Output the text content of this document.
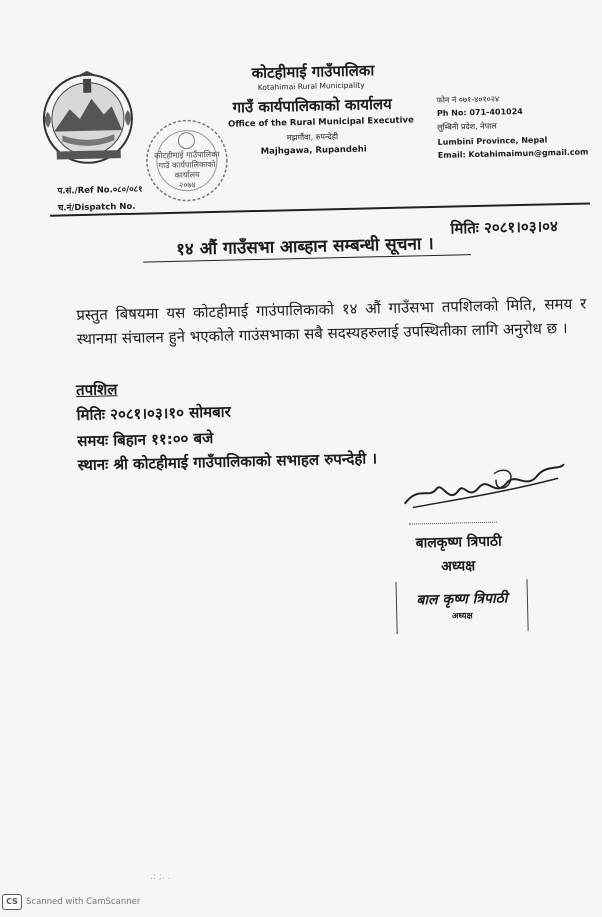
कोटहीमाई गाउँपालिका
गाउँ कार्यपालिकाको
कार्यालय
२०७४
कोटहीमाई गाउँपालिका
Kotahimai Rural Municipality
गाउँ कार्यपालिकाको कार्यालय
Office of the Rural Municipal Executive
मझगौंवा, रुपन्देही
Majhgawa, Rupandehi
फोन नं ०७१-४०१०२४
Ph No: 071-401024
लुम्बिनी प्रदेश, नेपाल
Lumbini Province, Nepal
Email: Kotahimaimun@gmail.com
प.सं./Ref No.०८०/०८१
च.नं/Dispatch No.
मितिः २०८१।०३।०४
१४ औं गाउँसभा आब्हान सम्बन्धी सूचना ।
प्रस्तुत बिषयमा यस कोटहीमाई गाउंपालिकाको १४ औं गाउँसभा तपशिलको मिति, समय र स्थानमा संचालन हुने भएकोले गाउंसभाका सबै सदस्यहरुलाई उपस्थितीका लागि अनुरोध छ ।
तपशिल
मितिः २०८१।०३।१० सोमबार
समयः बिहान ११:०० बजे
स्थानः श्री कोटहीमाई गाउँपालिकाको सभाहल रुपन्देही ।
बालकृष्ण त्रिपाठी
अध्यक्ष
बाल कृष्ण त्रिपाठी
अध्यक्ष
.: ;. .
CS Scanned with CamScanner
